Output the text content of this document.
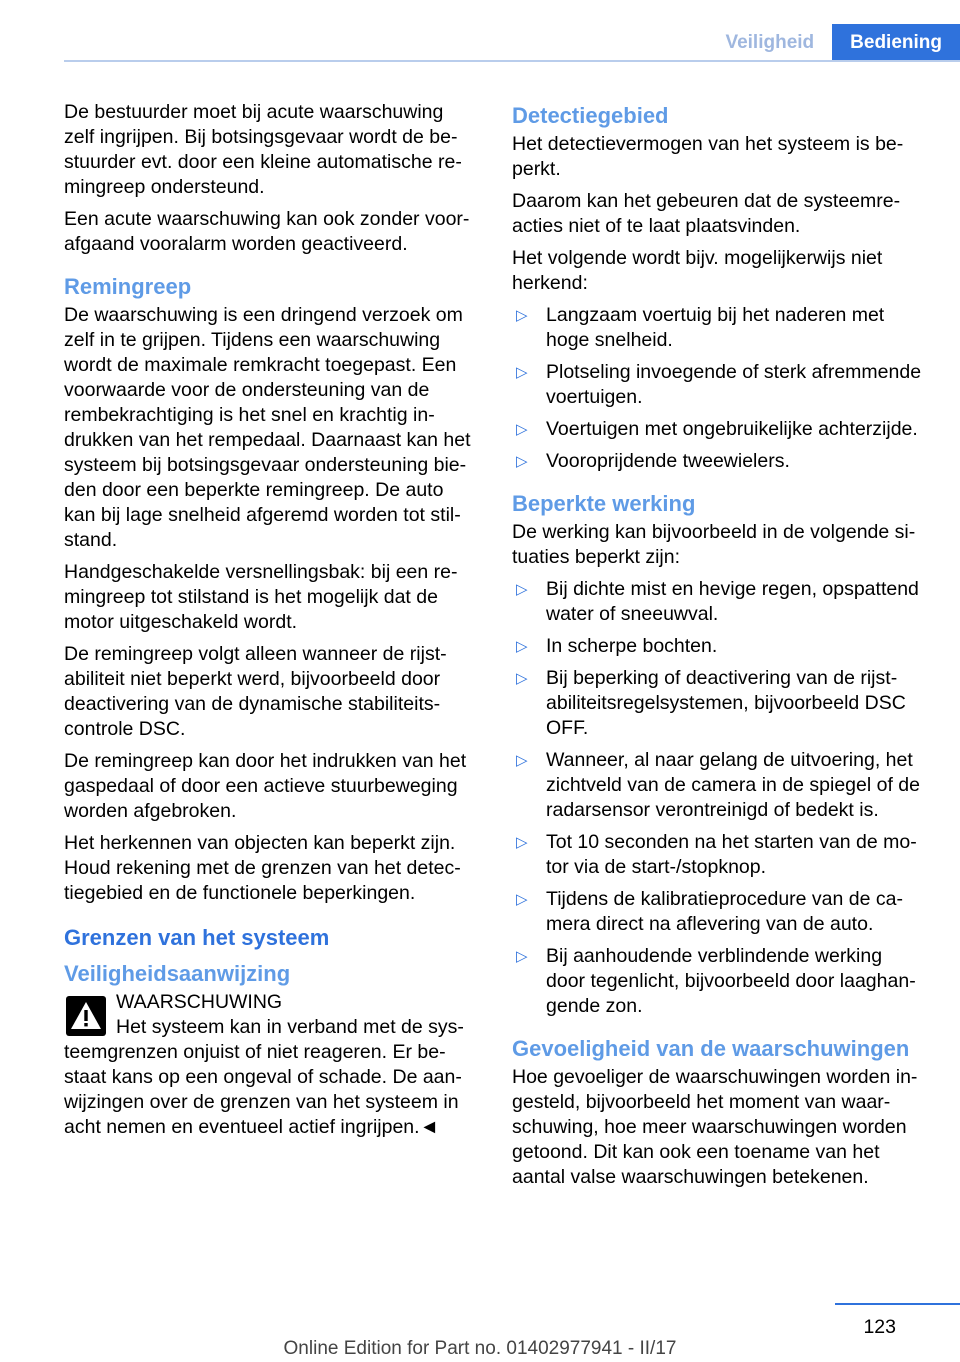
Veiligheid	Bediening

De bestuurder moet bij acute waarschuwing zelf ingrijpen. Bij botsingsgevaar wordt de bestuurder evt. door een kleine automatische remingreep ondersteund.

Een acute waarschuwing kan ook zonder voorafgaand vooralarm worden geactiveerd.

Remingreep

De waarschuwing is een dringend verzoek om zelf in te grijpen. Tijdens een waarschuwing wordt de maximale remkracht toegepast. Een voorwaarde voor de ondersteuning van de rembekrachtiging is het snel en krachtig indrukken van het rempedaal. Daarnaast kan het systeem bij botsingsgevaar ondersteuning bieden door een beperkte remingreep. De auto kan bij lage snelheid afgeremd worden tot stilstand.

Handgeschakelde versnellingsbak: bij een remingreep tot stilstand is het mogelijk dat de motor uitgeschakeld wordt.

De remingreep volgt alleen wanneer de rijstabiliteit niet beperkt werd, bijvoorbeeld door deactivering van de dynamische stabiliteitscontrole DSC.

De remingreep kan door het indrukken van het gaspedaal of door een actieve stuurbeweging worden afgebroken.

Het herkennen van objecten kan beperkt zijn. Houd rekening met de grenzen van het detectiegebied en de functionele beperkingen.

Grenzen van het systeem
Veiligheidsaanwijzing
WAARSCHUWING

Het systeem kan in verband met de systeemgrenzen onjuist of niet reageren. Er bestaat kans op een ongeval of schade. De aanwijzingen over de grenzen van het systeem in acht nemen en eventueel actief ingrijpen.◄

Detectiegebied

Het detectievermogen van het systeem is beperkt.

Daarom kan het gebeuren dat de systeemreacties niet of te laat plaatsvinden.

Het volgende wordt bijv. mogelijkerwijs niet herkend:

▷ Langzaam voertuig bij het naderen met hoge snelheid.
▷ Plotseling invoegende of sterk afremmende voertuigen.
▷ Voertuigen met ongebruikelijke achterzijde.
▷ Vooroprijdende tweewielers.
Beperkte werking

De werking kan bijvoorbeeld in de volgende situaties beperkt zijn:

▷ Bij dichte mist en hevige regen, opspattend water of sneeuwval.
▷ In scherpe bochten.
▷ Bij beperking of deactivering van de rijstabiliteitsregelsystemen, bijvoorbeeld DSC OFF.
▷ Wanneer, al naar gelang de uitvoering, het zichtveld van de camera in de spiegel of de radarsensor verontreinigd of bedekt is.
▷ Tot 10 seconden na het starten van de motor via de start-/stopknop.
▷ Tijdens de kalibratieprocedure van de camera direct na aflevering van de auto.
▷ Bij aanhoudende verblindende werking door tegenlicht, bijvoorbeeld door laaghangende zon.
Gevoeligheid van de waarschuwingen

Hoe gevoeliger de waarschuwingen worden ingesteld, bijvoorbeeld het moment van waarschuwing, hoe meer waarschuwingen worden getoond. Dit kan ook een toename van het aantal valse waarschuwingen betekenen.

123
Online Edition for Part no. 01402977941 - II/17
